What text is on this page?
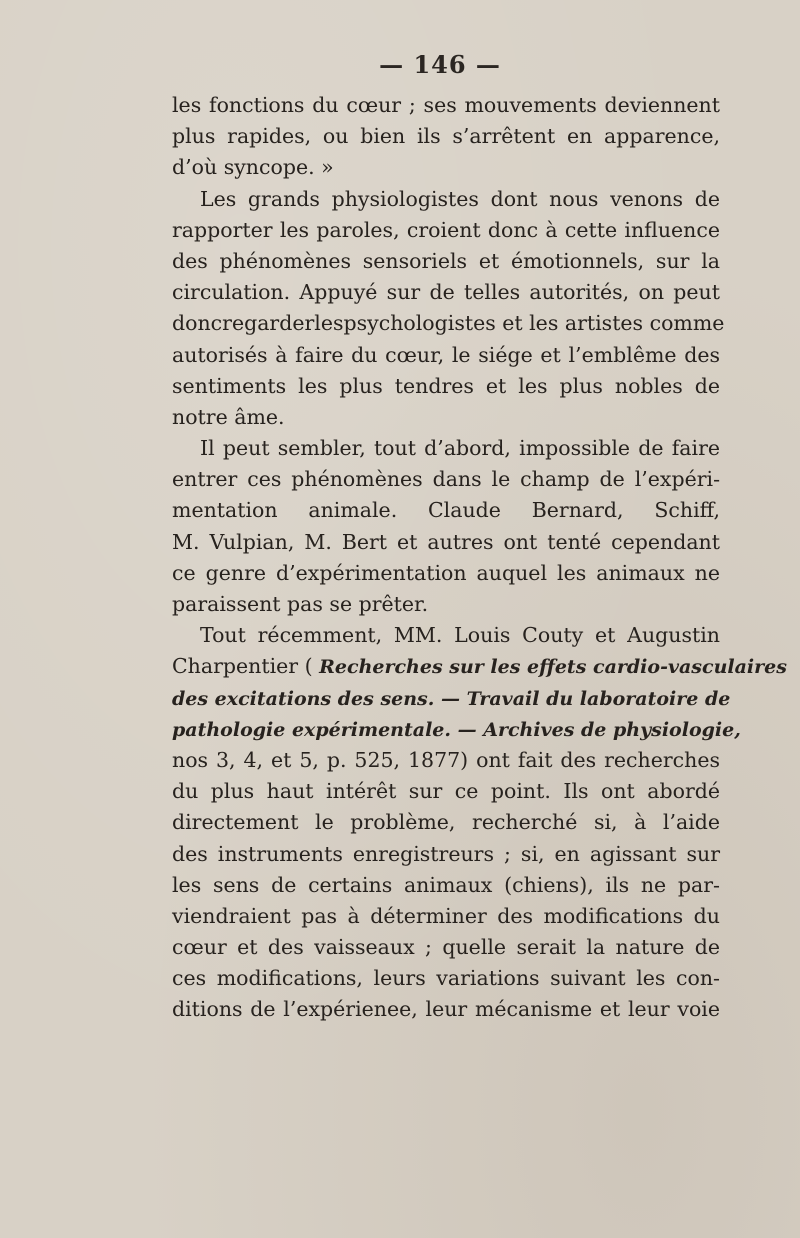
— 146 —
les fonctions du cœur ; ses mouvements deviennent
plus rapides, ou bien ils s’arrêtent en apparence,
d’où syncope. »
Les grands physiologistes dont nous venons de
rapporter les paroles, croient donc à cette influence
des phénomènes sensoriels et émotionnels, sur la
circulation. Appuyé sur de telles autorités, on peut
doncregarderlespsychologistes et les artistes comme
autorisés à faire du cœur, le siége et l’emblême des
sentiments les plus tendres et les plus nobles de
notre âme.
Il peut sembler, tout d’abord, impossible de faire
entrer ces phénomènes dans le champ de l’expéri-
mentation animale. Claude Bernard, Schiff,
M. Vulpian, M. Bert et autres ont tenté cependant
ce genre d’expérimentation auquel les animaux ne
paraissent pas se prêter.
Tout récemment, MM. Louis Couty et Augustin
Charpentier ( Recherches sur les effets cardio-vasculaires
des excitations des sens. — Travail du laboratoire de
pathologie expérimentale. — Archives de physiologie,
nos 3, 4, et 5, p. 525, 1877) ont fait des recherches
du plus haut intérêt sur ce point. Ils ont abordé
directement le problème, recherché si, à l’aide
des instruments enregistreurs ; si, en agissant sur
les sens de certains animaux (chiens), ils ne par-
viendraient pas à déterminer des modifications du
cœur et des vaisseaux ; quelle serait la nature de
ces modifications, leurs variations suivant les con-
ditions de l’expérienee, leur mécanisme et leur voie
